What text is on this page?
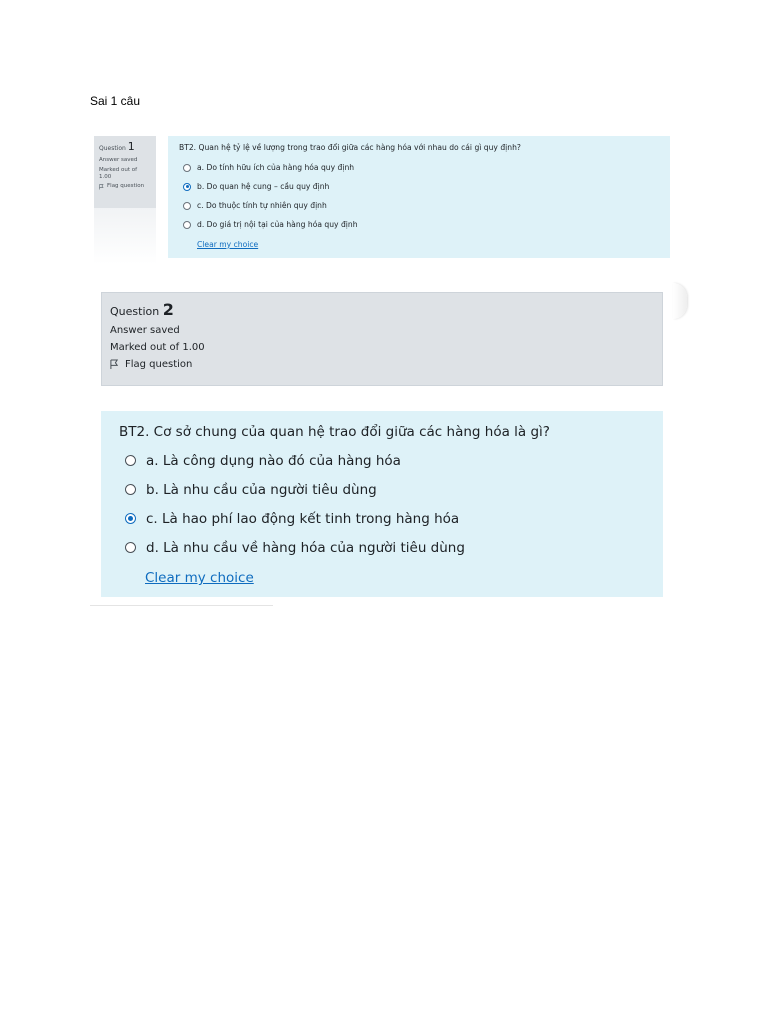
Sai 1 câu
Question 1
Answer saved
Marked out of 1.00
Flag question
BT2. Quan hệ tỷ lệ về lượng trong trao đổi giữa các hàng hóa với nhau do cái gì quy định?
a. Do tính hữu ích của hàng hóa quy định
b. Do quan hệ cung – cầu quy định
c. Do thuộc tính tự nhiên quy định
d. Do giá trị nội tại của hàng hóa quy định
Clear my choice
Question 2
Answer saved
Marked out of 1.00
Flag question
BT2. Cơ sở chung của quan hệ trao đổi giữa các hàng hóa là gì?
a. Là công dụng nào đó của hàng hóa
b. Là nhu cầu của người tiêu dùng
c. Là hao phí lao động kết tinh trong hàng hóa
d. Là nhu cầu về hàng hóa của người tiêu dùng
Clear my choice
